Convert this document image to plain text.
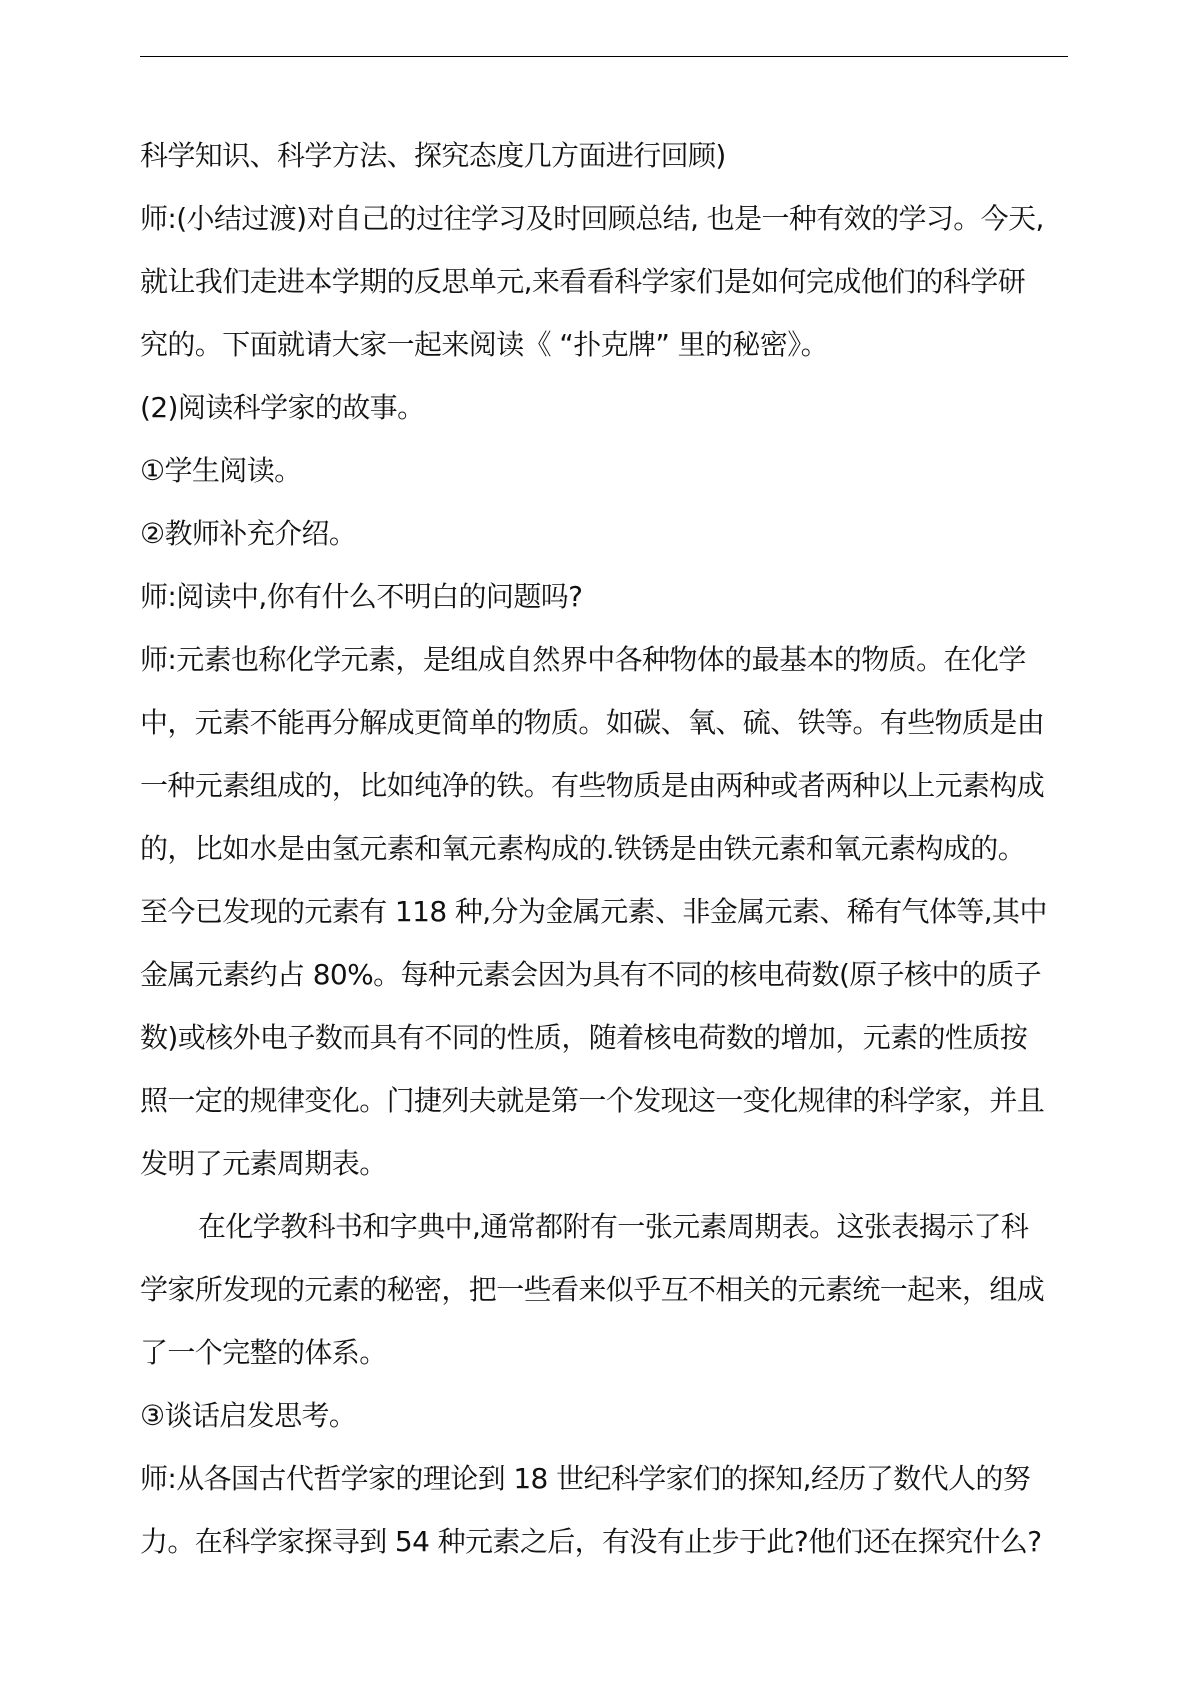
科学知识、科学方法、探究态度几方面进行回顾)
师:(小结过渡)对自己的过往学习及时回顾总结, 也是一种有效的学习。今天,
就让我们走进本学期的反思单元,来看看科学家们是如何完成他们的科学研
究的。下面就请大家一起来阅读《 “扑克牌” 里的秘密》。
(2)阅读科学家的故事。
①学生阅读。
②教师补充介绍。
师:阅读中,你有什么不明白的问题吗?
师:元素也称化学元素，是组成自然界中各种物体的最基本的物质。在化学
中，元素不能再分解成更简单的物质。如碳、氧、硫、铁等。有些物质是由
一种元素组成的，比如纯净的铁。有些物质是由两种或者两种以上元素构成
的，比如水是由氢元素和氧元素构成的.铁锈是由铁元素和氧元素构成的。
至今已发现的元素有 118 种,分为金属元素、非金属元素、稀有气体等,其中
金属元素约占 80%。每种元素会因为具有不同的核电荷数(原子核中的质子
数)或核外电子数而具有不同的性质，随着核电荷数的增加，元素的性质按
照一定的规律变化。门捷列夫就是第一个发现这一变化规律的科学家，并且
发明了元素周期表。
在化学教科书和字典中,通常都附有一张元素周期表。这张表揭示了科
学家所发现的元素的秘密，把一些看来似乎互不相关的元素统一起来，组成
了一个完整的体系。
③谈话启发思考。
师:从各国古代哲学家的理论到 18 世纪科学家们的探知,经历了数代人的努
力。在科学家探寻到 54 种元素之后，有没有止步于此?他们还在探究什么?
